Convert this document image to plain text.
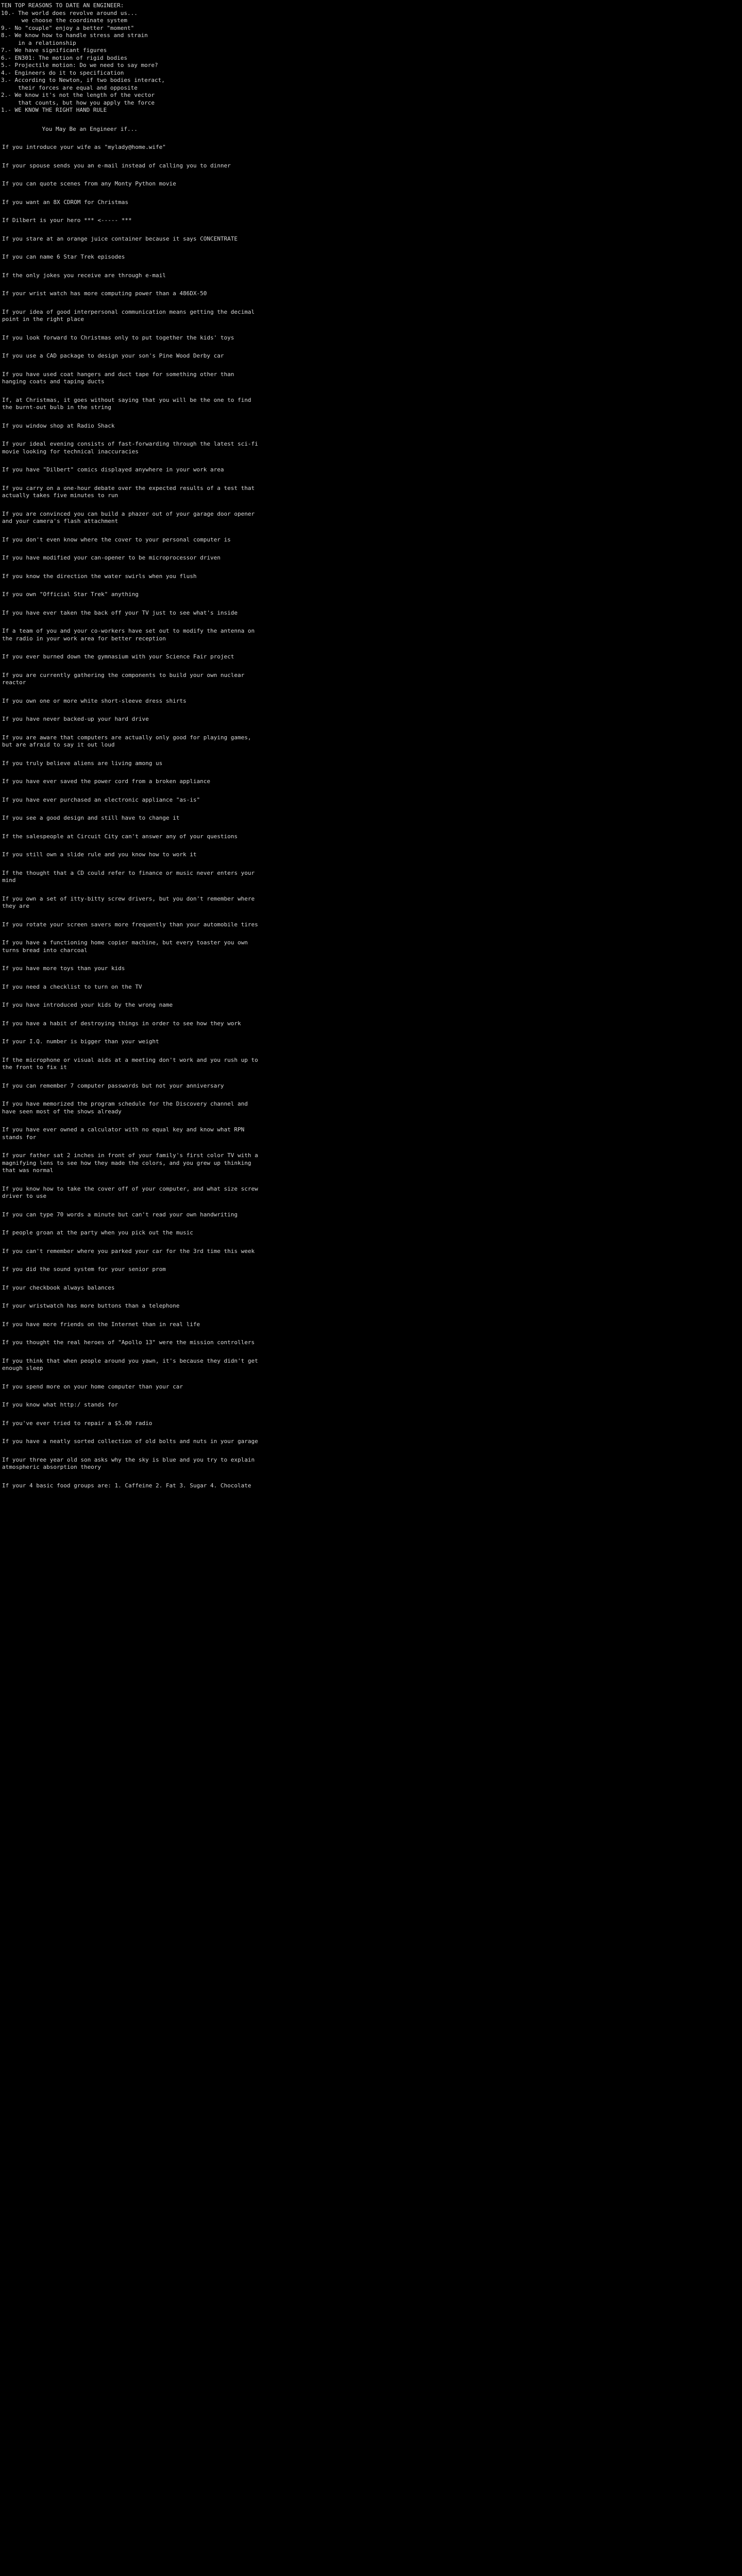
TEN TOP REASONS TO DATE AN ENGINEER:
10.- The world does revolve around us...
we choose the coordinate system
9.- No "couple" enjoy a better "moment"
8.- We know how to handle stress and strain
in a relationship
7.- We have significant figures
6.- EN301: The motion of rigid bodies
5.- Projectile motion: Do we need to say more?
4.- Engineers do it to specification
3.- According to Newton, if two bodies interact,
their forces are equal and opposite
2.- We know it's not the length of the vector
that counts, but how you apply the force
1.- WE KNOW THE RIGHT HAND RULE
You May Be an Engineer if...
If you introduce your wife as "mylady@home.wife"
If your spouse sends you an e-mail instead of calling you to dinner
If you can quote scenes from any Monty Python movie
If you want an 8X CDROM for Christmas
If Dilbert is your hero *** <----- ***
If you stare at an orange juice container because it says CONCENTRATE
If you can name 6 Star Trek episodes
If the only jokes you receive are through e-mail
If your wrist watch has more computing power than a 486DX-50
If your idea of good interpersonal communication means getting the decimal point in the right place
If you look forward to Christmas only to put together the kids' toys
If you use a CAD package to design your son's Pine Wood Derby car
If you have used coat hangers and duct tape for something other than hanging coats and taping ducts
If, at Christmas, it goes without saying that you will be the one to find the burnt-out bulb in the string
If you window shop at Radio Shack
If your ideal evening consists of fast-forwarding through the latest sci-fi movie looking for technical inaccuracies
If you have "Dilbert" comics displayed anywhere in your work area
If you carry on a one-hour debate over the expected results of a test that actually takes five minutes to run
If you are convinced you can build a phazer out of your garage door opener and your camera's flash attachment
If you don't even know where the cover to your personal computer is
If you have modified your can-opener to be microprocessor driven
If you know the direction the water swirls when you flush
If you own "Official Star Trek" anything
If you have ever taken the back off your TV just to see what's inside
If a team of you and your co-workers have set out to modify the antenna on the radio in your work area for better reception
If you ever burned down the gymnasium with your Science Fair project
If you are currently gathering the components to build your own nuclear reactor
If you own one or more white short-sleeve dress shirts
If you have never backed-up your hard drive
If you are aware that computers are actually only good for playing games, but are afraid to say it out loud
If you truly believe aliens are living among us
If you have ever saved the power cord from a broken appliance
If you have ever purchased an electronic appliance "as-is"
If you see a good design and still have to change it
If the salespeople at Circuit City can't answer any of your questions
If you still own a slide rule and you know how to work it
If the thought that a CD could refer to finance or music never enters your mind
If you own a set of itty-bitty screw drivers, but you don't remember where they are
If you rotate your screen savers more frequently than your automobile tires
If you have a functioning home copier machine, but every toaster you own turns bread into charcoal
If you have more toys than your kids
If you need a checklist to turn on the TV
If you have introduced your kids by the wrong name
If you have a habit of destroying things in order to see how they work
If your I.Q. number is bigger than your weight
If the microphone or visual aids at a meeting don't work and you rush up to the front to fix it
If you can remember 7 computer passwords but not your anniversary
If you have memorized the program schedule for the Discovery channel and have seen most of the shows already
If you have ever owned a calculator with no equal key and know what RPN stands for
If your father sat 2 inches in front of your family's first color TV with a magnifying lens to see how they made the colors, and you grew up thinking that was normal
If you know how to take the cover off of your computer, and what size screw driver to use
If you can type 70 words a minute but can't read your own handwriting
If people groan at the party when you pick out the music
If you can't remember where you parked your car for the 3rd time this week
If you did the sound system for your senior prom
If your checkbook always balances
If your wristwatch has more buttons than a telephone
If you have more friends on the Internet than in real life
If you thought the real heroes of "Apollo 13" were the mission controllers
If you think that when people around you yawn, it's because they didn't get enough sleep
If you spend more on your home computer than your car
If you know what http:/ stands for
If you've ever tried to repair a $5.00 radio
If you have a neatly sorted collection of old bolts and nuts in your garage
If your three year old son asks why the sky is blue and you try to explain atmospheric absorption theory
If your 4 basic food groups are: 1. Caffeine 2. Fat 3. Sugar 4. Chocolate
